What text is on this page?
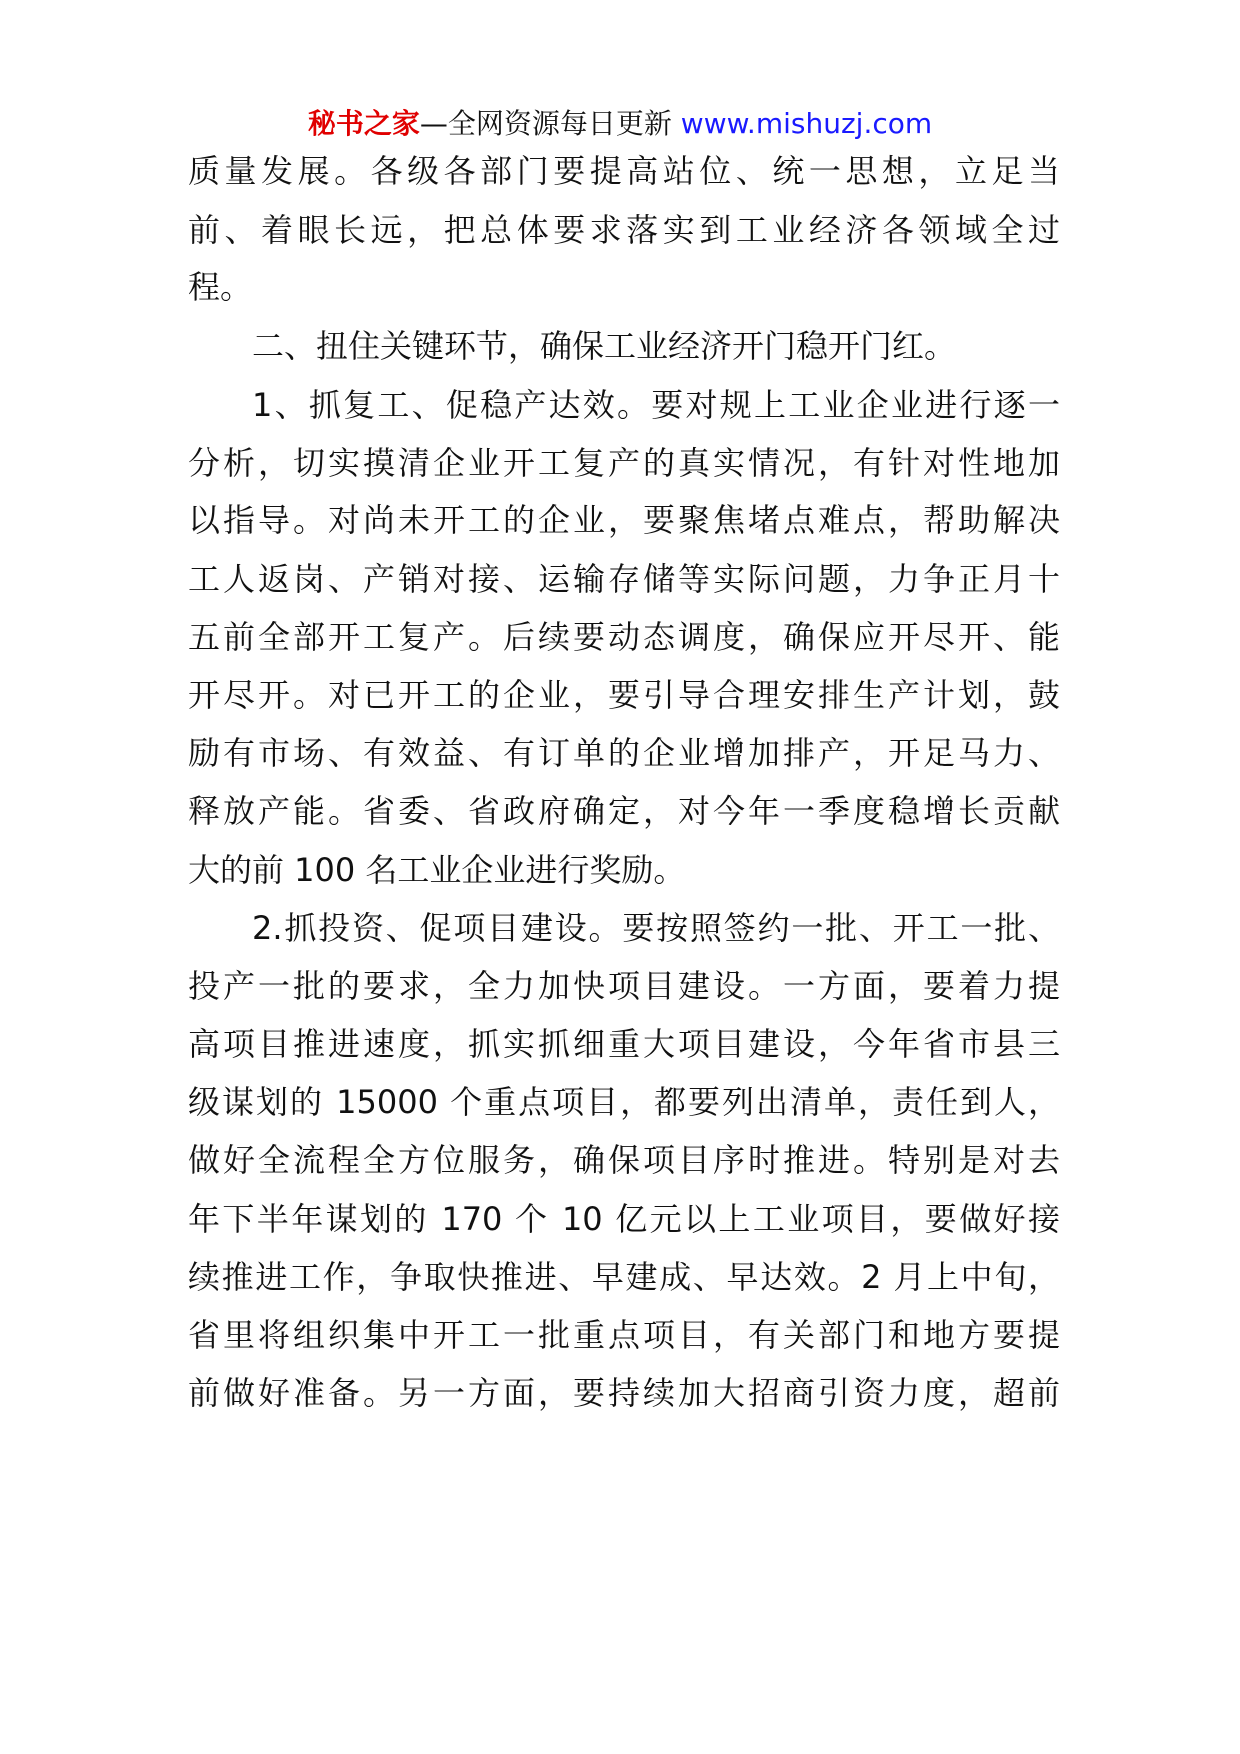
秘书之家—全网资源每日更新 www.mishuzj.com
质量发展。各级各部门要提高站位、统一思想，立足当
前、着眼长远，把总体要求落实到工业经济各领域全过
程。
二、扭住关键环节，确保工业经济开门稳开门红。
1、抓复工、促稳产达效。要对规上工业企业进行逐一
分析，切实摸清企业开工复产的真实情况，有针对性地加
以指导。对尚未开工的企业，要聚焦堵点难点，帮助解决
工人返岗、产销对接、运输存储等实际问题，力争正月十
五前全部开工复产。后续要动态调度，确保应开尽开、能
开尽开。对已开工的企业，要引导合理安排生产计划，鼓
励有市场、有效益、有订单的企业增加排产，开足马力、
释放产能。省委、省政府确定，对今年一季度稳增长贡献
大的前 100 名工业企业进行奖励。
2.抓投资、促项目建设。要按照签约一批、开工一批、
投产一批的要求，全力加快项目建设。一方面，要着力提
高项目推进速度，抓实抓细重大项目建设，今年省市县三
级谋划的 15000 个重点项目，都要列出清单，责任到人，
做好全流程全方位服务，确保项目序时推进。特别是对去
年下半年谋划的 170 个 10 亿元以上工业项目，要做好接
续推进工作，争取快推进、早建成、早达效。2 月上中旬，
省里将组织集中开工一批重点项目，有关部门和地方要提
前做好准备。另一方面，要持续加大招商引资力度，超前
